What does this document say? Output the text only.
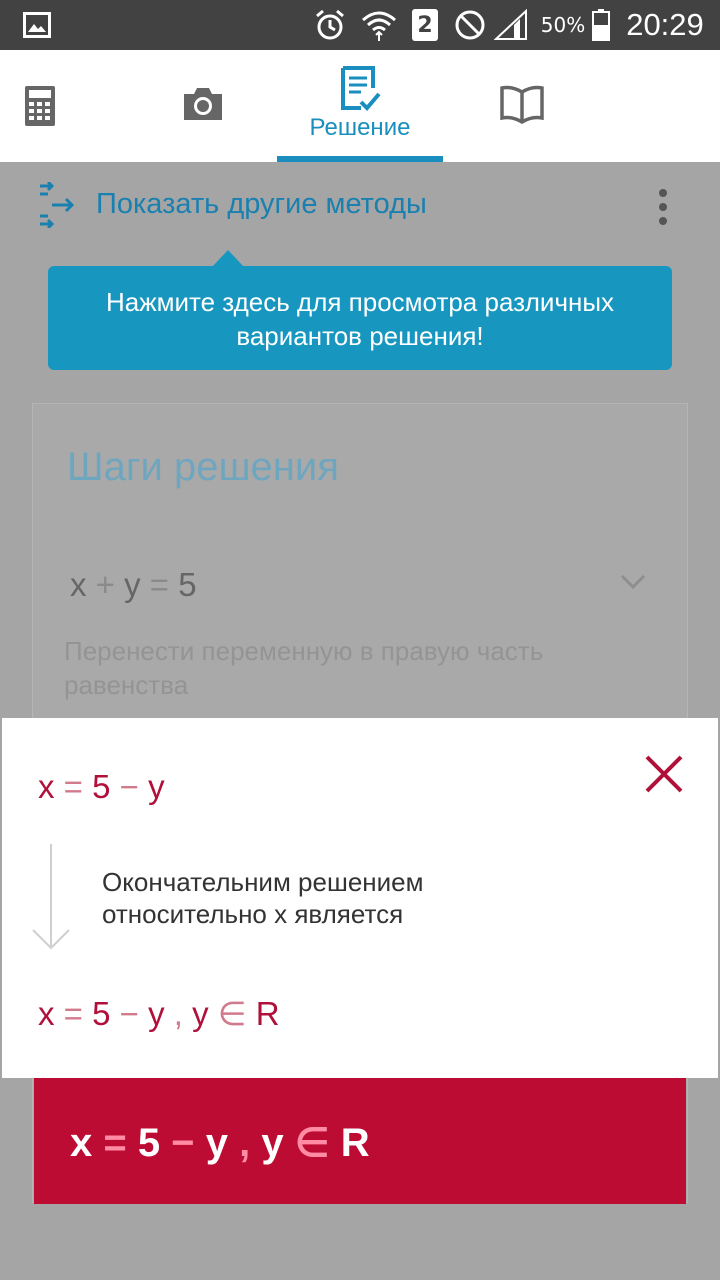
2	50% 20:29
Решение
Показать другие методы
Нажмите здесь для просмотра различных
вариантов решения!
Шаги решения
x + y = 5
Перенести переменную в правую часть
равенства
x = 5 − y
Окончательним решением
относительно x является
x = 5 − y , y ∈ R
x = 5 − y , y ∈ R
